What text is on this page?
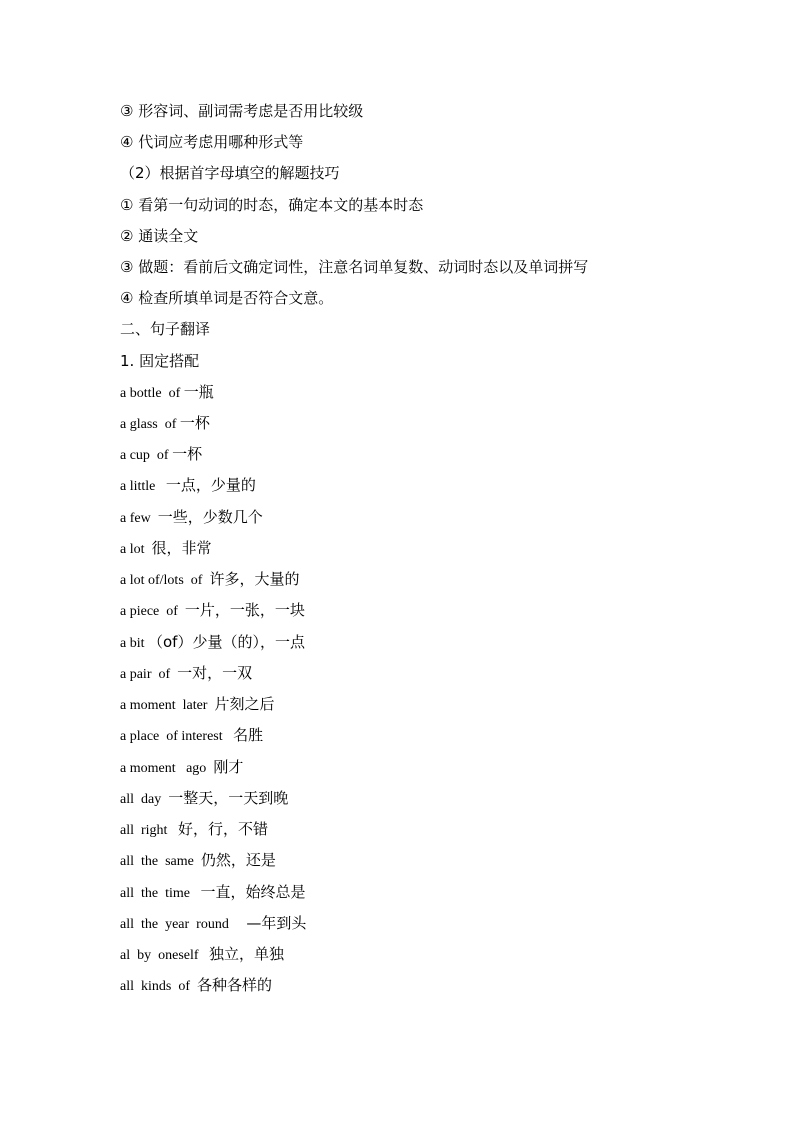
③ 形容词、副词需考虑是否用比较级
④ 代词应考虑用哪种形式等
（2）根据首字母填空的解题技巧
① 看第一句动词的时态，确定本文的基本时态
② 通读全文
③ 做题：看前后文确定词性，注意名词单复数、动词时态以及单词拼写
④ 检查所填单词是否符合文意。
二、句子翻译
1. 固定搭配
a bottle  of 一瓶
a glass  of 一杯
a cup  of 一杯
a little   一点，少量的
a few  一些，少数几个
a lot  很，非常
a lot of/lots  of  许多，大量的
a piece  of  一片，一张，一块
a bit （of）少量（的），一点
a pair  of  一对，一双
a moment  later  片刻之后
a place  of interest   名胜
a moment   ago  刚才
all  day  一整天，一天到晚
all  right   好，行，不错
all  the  same  仍然，还是
all  the  time   一直，始终总是
all  the  year  round     —年到头
al  by  oneself   独立，单独
all  kinds  of  各种各样的
